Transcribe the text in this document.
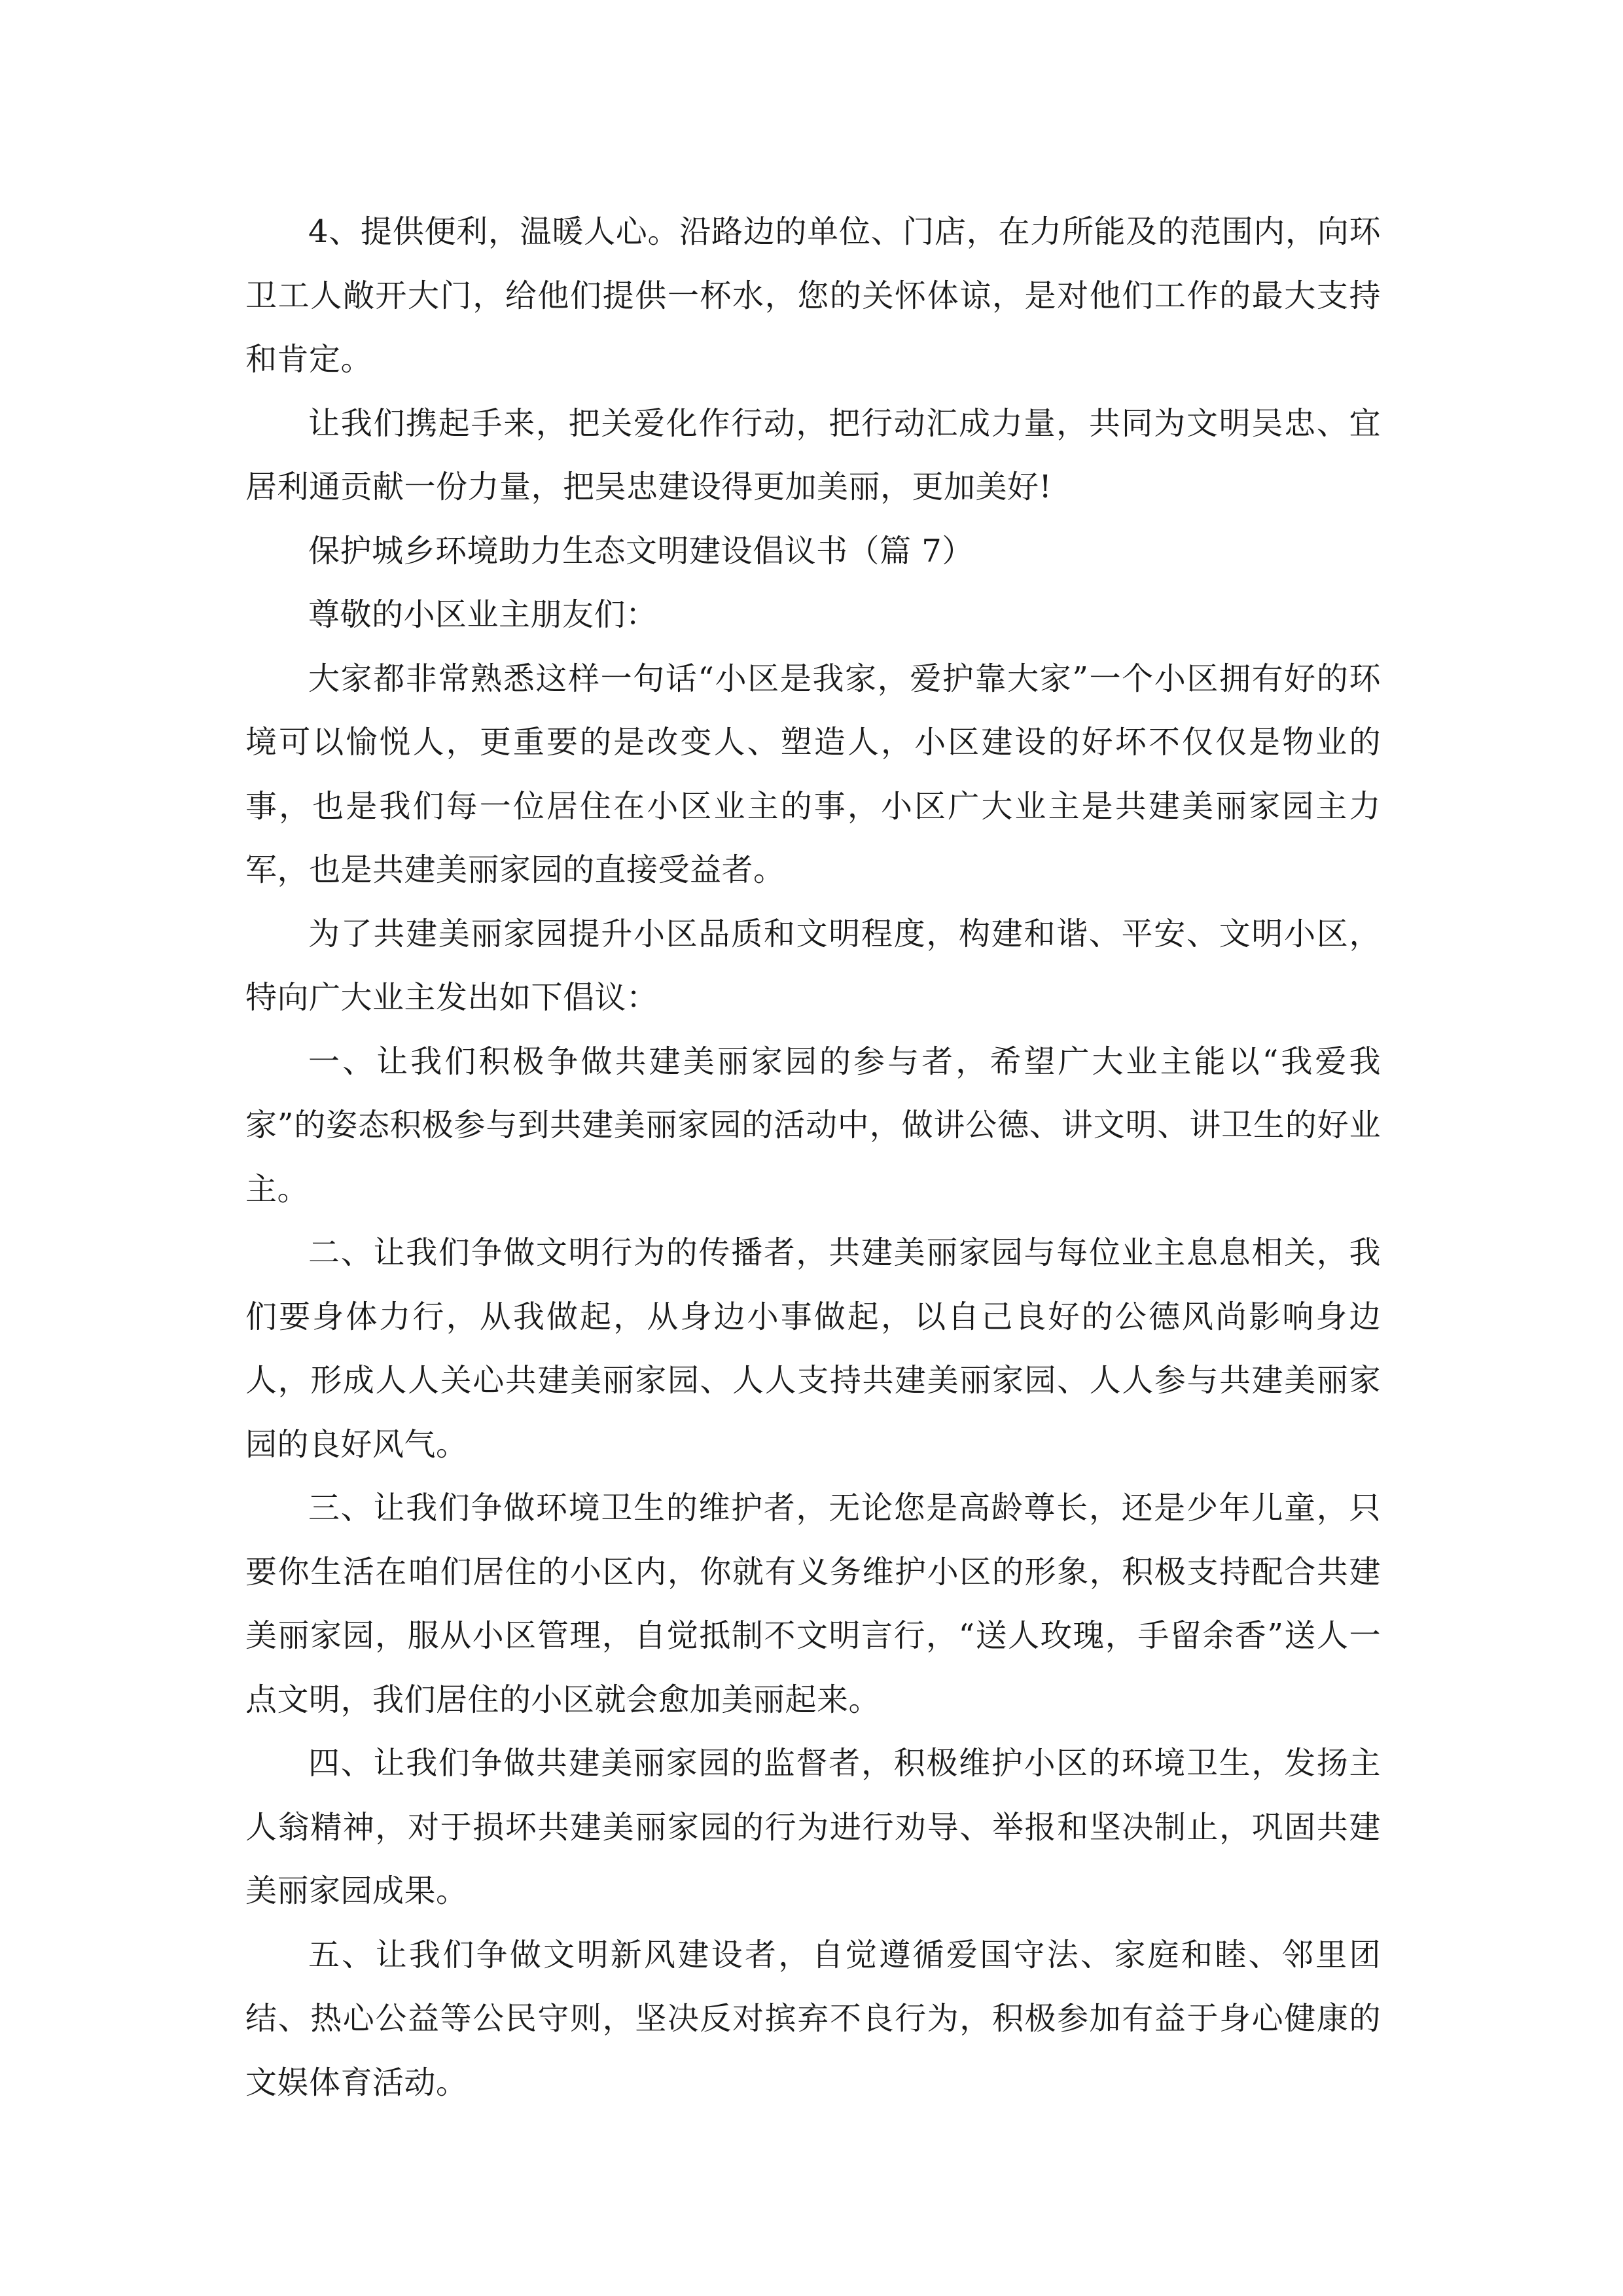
4、提供便利，温暖人心。沿路边的单位、门店，在力所能及的范围内，向环卫工人敞开大门，给他们提供一杯水，您的关怀体谅，是对他们工作的最大支持和肯定。

让我们携起手来，把关爱化作行动，把行动汇成力量，共同为文明吴忠、宜居利通贡献一份力量，把吴忠建设得更加美丽，更加美好!

保护城乡环境助力生态文明建设倡议书（篇 7）

尊敬的小区业主朋友们：

大家都非常熟悉这样一句话“小区是我家，爱护靠大家”一个小区拥有好的环境可以愉悦人，更重要的是改变人、塑造人，小区建设的好坏不仅仅是物业的事，也是我们每一位居住在小区业主的事，小区广大业主是共建美丽家园主力军，也是共建美丽家园的直接受益者。

为了共建美丽家园提升小区品质和文明程度，构建和谐、平安、文明小区，特向广大业主发出如下倡议：

一、让我们积极争做共建美丽家园的参与者，希望广大业主能以“我爱我家”的姿态积极参与到共建美丽家园的活动中，做讲公德、讲文明、讲卫生的好业主。

二、让我们争做文明行为的传播者，共建美丽家园与每位业主息息相关，我们要身体力行，从我做起，从身边小事做起，以自己良好的公德风尚影响身边人，形成人人关心共建美丽家园、人人支持共建美丽家园、人人参与共建美丽家园的良好风气。

三、让我们争做环境卫生的维护者，无论您是高龄尊长，还是少年儿童，只要你生活在咱们居住的小区内，你就有义务维护小区的形象，积极支持配合共建美丽家园，服从小区管理，自觉抵制不文明言行，“送人玫瑰，手留余香”送人一点文明，我们居住的小区就会愈加美丽起来。

四、让我们争做共建美丽家园的监督者，积极维护小区的环境卫生，发扬主人翁精神，对于损坏共建美丽家园的行为进行劝导、举报和坚决制止，巩固共建美丽家园成果。

五、让我们争做文明新风建设者，自觉遵循爱国守法、家庭和睦、邻里团结、热心公益等公民守则，坚决反对摈弃不良行为，积极参加有益于身心健康的文娱体育活动。
